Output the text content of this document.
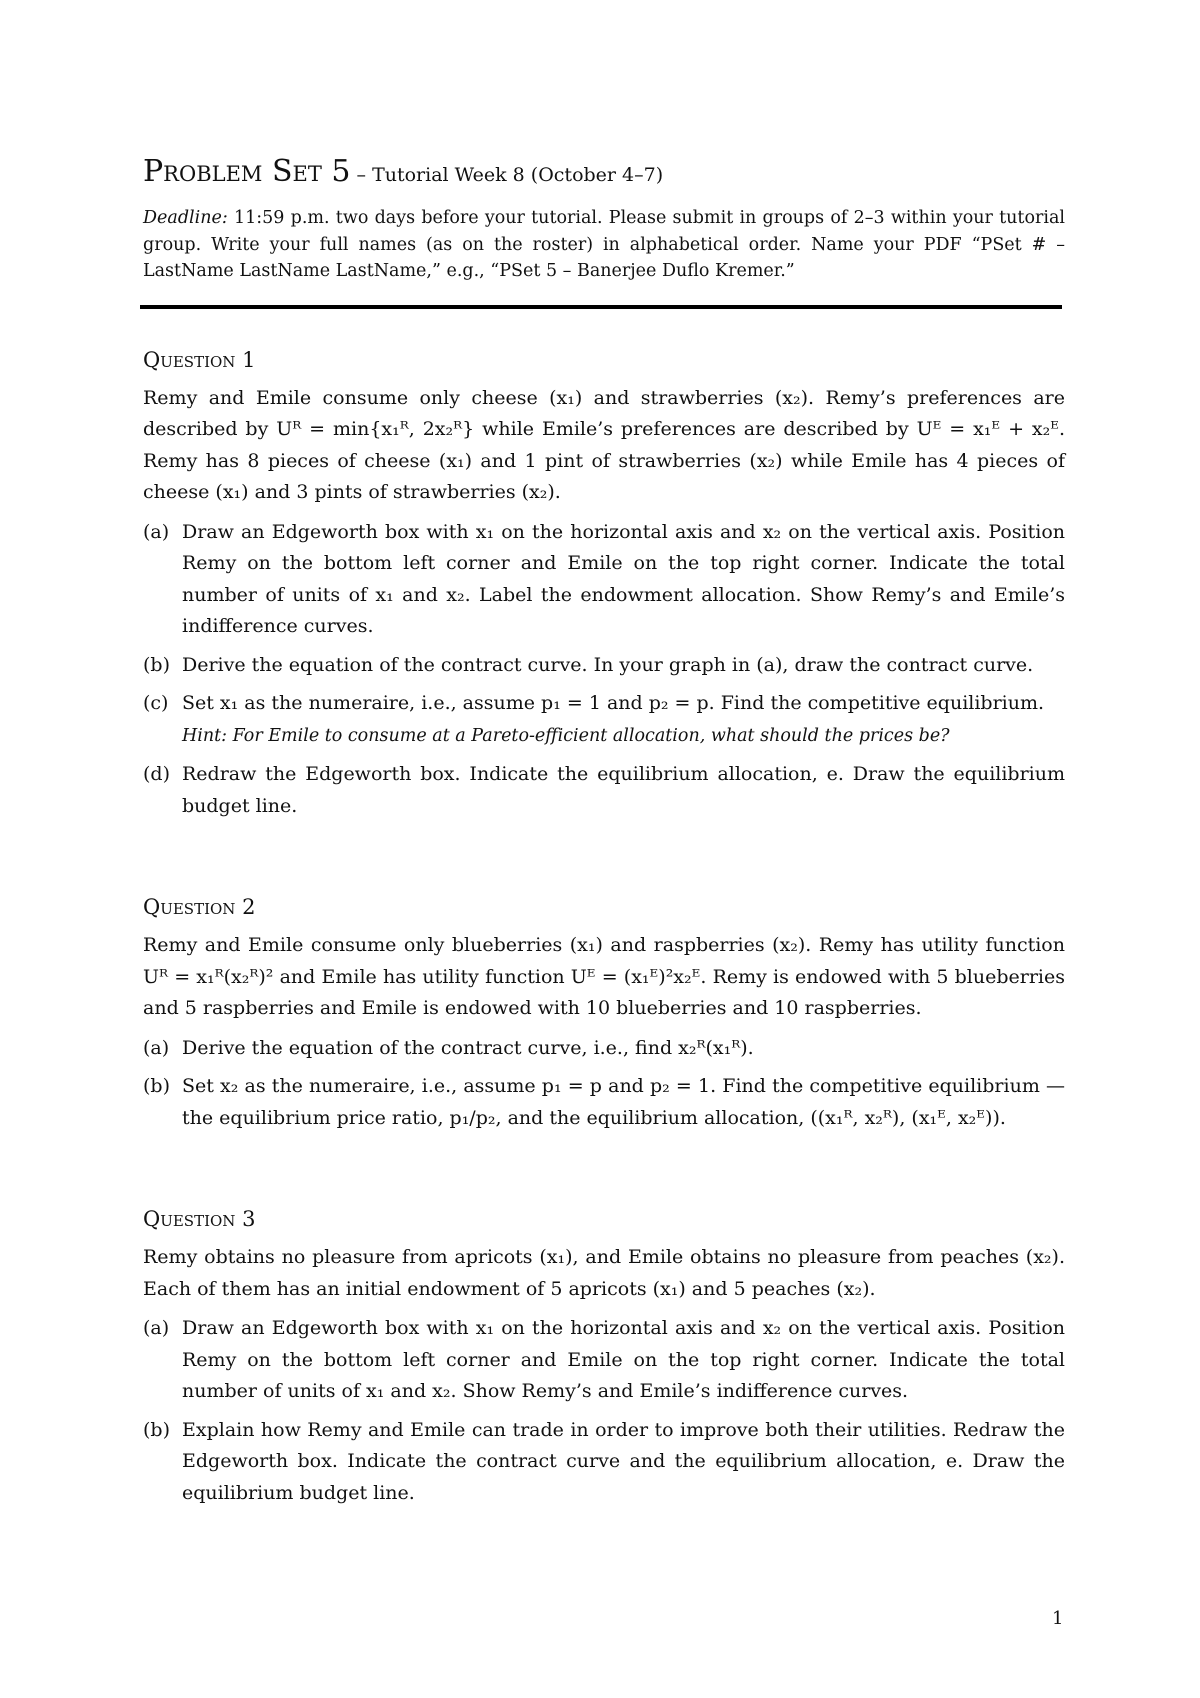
Problem Set 5 – Tutorial Week 8 (October 4–7)

Deadline: 11:59 p.m. two days before your tutorial. Please submit in groups of 2–3 within your tutorial group. Write your full names (as on the roster) in alphabetical order. Name your PDF “PSet # – LastName LastName LastName,” e.g., “PSet 5 – Banerjee Duflo Kremer.”

Question 1

Remy and Emile consume only cheese (x₁) and strawberries (x₂). Remy’s preferences are described by Uᴿ = min{x₁ᴿ, 2x₂ᴿ} while Emile’s preferences are described by Uᴱ = x₁ᴱ + x₂ᴱ. Remy has 8 pieces of cheese (x₁) and 1 pint of strawberries (x₂) while Emile has 4 pieces of cheese (x₁) and 3 pints of strawberries (x₂).

(a) Draw an Edgeworth box with x₁ on the horizontal axis and x₂ on the vertical axis. Position Remy on the bottom left corner and Emile on the top right corner. Indicate the total number of units of x₁ and x₂. Label the endowment allocation. Show Remy’s and Emile’s indifference curves.
(b) Derive the equation of the contract curve. In your graph in (a), draw the contract curve.
(c) Set x₁ as the numeraire, i.e., assume p₁ = 1 and p₂ = p. Find the competitive equilibrium.
Hint: For Emile to consume at a Pareto-efficient allocation, what should the prices be?
(d) Redraw the Edgeworth box. Indicate the equilibrium allocation, e. Draw the equilibrium budget line.
Question 2

Remy and Emile consume only blueberries (x₁) and raspberries (x₂). Remy has utility function Uᴿ = x₁ᴿ(x₂ᴿ)² and Emile has utility function Uᴱ = (x₁ᴱ)²x₂ᴱ. Remy is endowed with 5 blueberries and 5 raspberries and Emile is endowed with 10 blueberries and 10 raspberries.

(a) Derive the equation of the contract curve, i.e., find x₂ᴿ(x₁ᴿ).
(b) Set x₂ as the numeraire, i.e., assume p₁ = p and p₂ = 1. Find the competitive equilibrium — the equilibrium price ratio, p₁/p₂, and the equilibrium allocation, ((x₁ᴿ, x₂ᴿ), (x₁ᴱ, x₂ᴱ)).
Question 3

Remy obtains no pleasure from apricots (x₁), and Emile obtains no pleasure from peaches (x₂). Each of them has an initial endowment of 5 apricots (x₁) and 5 peaches (x₂).

(a) Draw an Edgeworth box with x₁ on the horizontal axis and x₂ on the vertical axis. Position Remy on the bottom left corner and Emile on the top right corner. Indicate the total number of units of x₁ and x₂. Show Remy’s and Emile’s indifference curves.
(b) Explain how Remy and Emile can trade in order to improve both their utilities. Redraw the Edgeworth box. Indicate the contract curve and the equilibrium allocation, e. Draw the equilibrium budget line.
1
